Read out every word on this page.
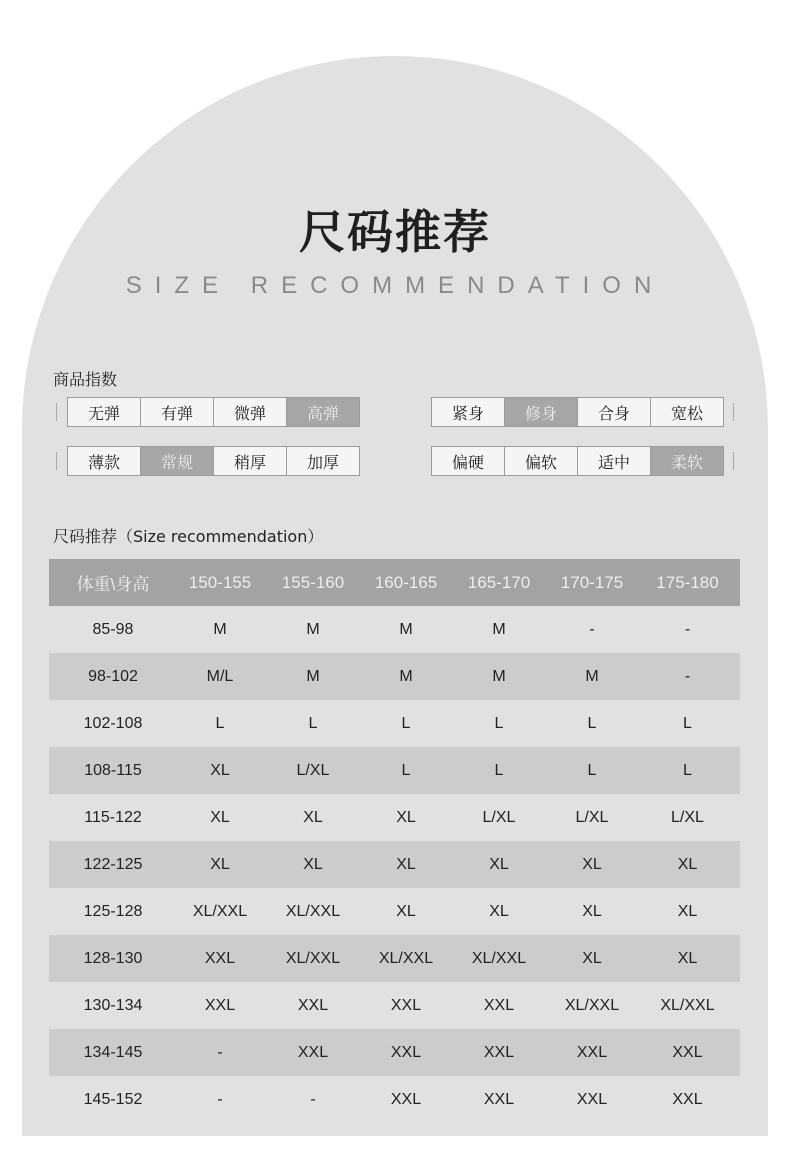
尺码推荐
SIZE RECOMMENDATION
商品指数
无弹	有弹	微弹	高弹	紧身	修身	合身	宽松
薄款	常规	稍厚	加厚	偏硬	偏软	适中	柔软
尺码推荐（Size recommendation）
体重\身高	150-155	155-160	160-165	165-170	170-175	175-180
85-98	M	M	M	M	-	-
98-102	M/L	M	M	M	M	-
102-108	L	L	L	L	L	L
108-115	XL	L/XL	L	L	L	L
115-122	XL	XL	XL	L/XL	L/XL	L/XL
122-125	XL	XL	XL	XL	XL	XL
125-128	XL/XXL	XL/XXL	XL	XL	XL	XL
128-130	XXL	XL/XXL	XL/XXL	XL/XXL	XL	XL
130-134	XXL	XXL	XXL	XXL	XL/XXL	XL/XXL
134-145	-	XXL	XXL	XXL	XXL	XXL
145-152	-	-	XXL	XXL	XXL	XXL
